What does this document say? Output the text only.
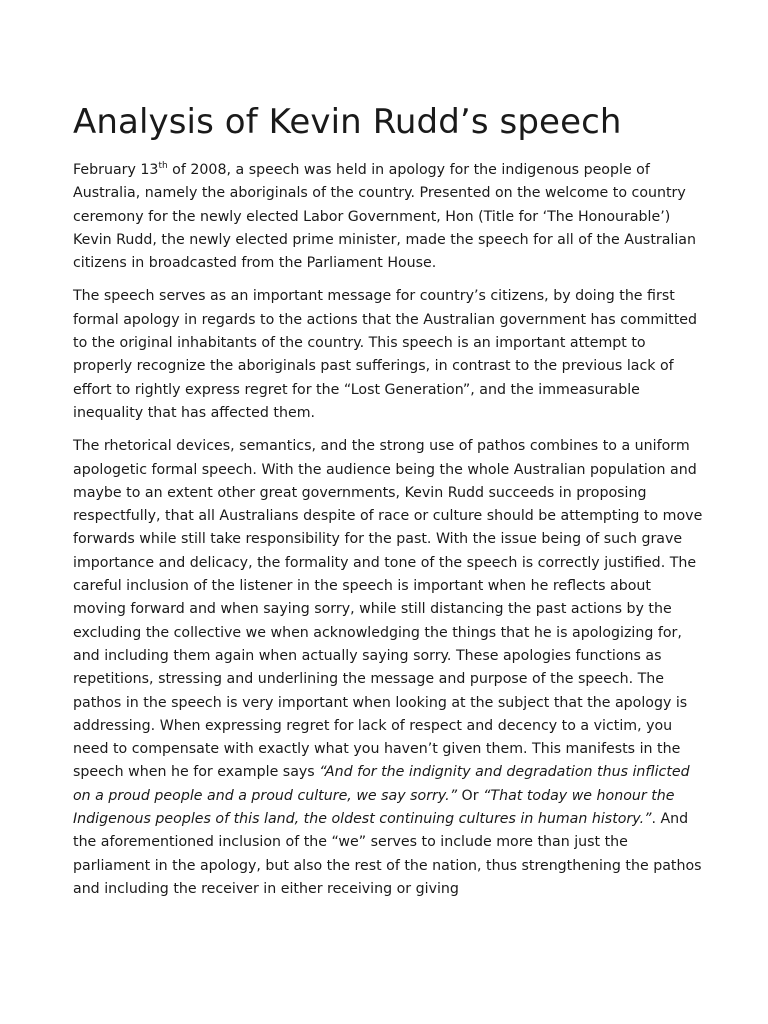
Analysis of Kevin Rudd’s speech

February 13th of 2008, a speech was held in apology for the indigenous people of Australia, namely the aboriginals of the country. Presented on the welcome to country ceremony for the newly elected Labor Government, Hon (Title for ‘The Honourable’) Kevin Rudd, the newly elected prime minister, made the speech for all of the Australian citizens in broadcasted from the Parliament House.

The speech serves as an important message for country’s citizens, by doing the first formal apology in regards to the actions that the Australian government has committed to the original inhabitants of the country. This speech is an important attempt to properly recognize the aboriginals past sufferings, in contrast to the previous lack of effort to rightly express regret for the “Lost Generation”, and the immeasurable inequality that has affected them.

The rhetorical devices, semantics, and the strong use of pathos combines to a uniform apologetic formal speech. With the audience being the whole Australian population and maybe to an extent other great governments, Kevin Rudd succeeds in proposing respectfully, that all Australians despite of race or culture should be attempting to move forwards while still take responsibility for the past. With the issue being of such grave importance and delicacy, the formality and tone of the speech is correctly justified. The careful inclusion of the listener in the speech is important when he reflects about moving forward and when saying sorry, while still distancing the past actions by the excluding the collective we when acknowledging the things that he is apologizing for, and including them again when actually saying sorry. These apologies functions as repetitions, stressing and underlining the message and purpose of the speech. The pathos in the speech is very important when looking at the subject that the apology is addressing. When expressing regret for lack of respect and decency to a victim, you need to compensate with exactly what you haven’t given them. This manifests in the speech when he for example says “And for the indignity and degradation thus inflicted on a proud people and a proud culture, we say sorry.” Or “That today we honour the Indigenous peoples of this land, the oldest continuing cultures in human history.”. And the aforementioned inclusion of the “we” serves to include more than just the parliament in the apology, but also the rest of the nation, thus strengthening the pathos and including the receiver in either receiving or giving
